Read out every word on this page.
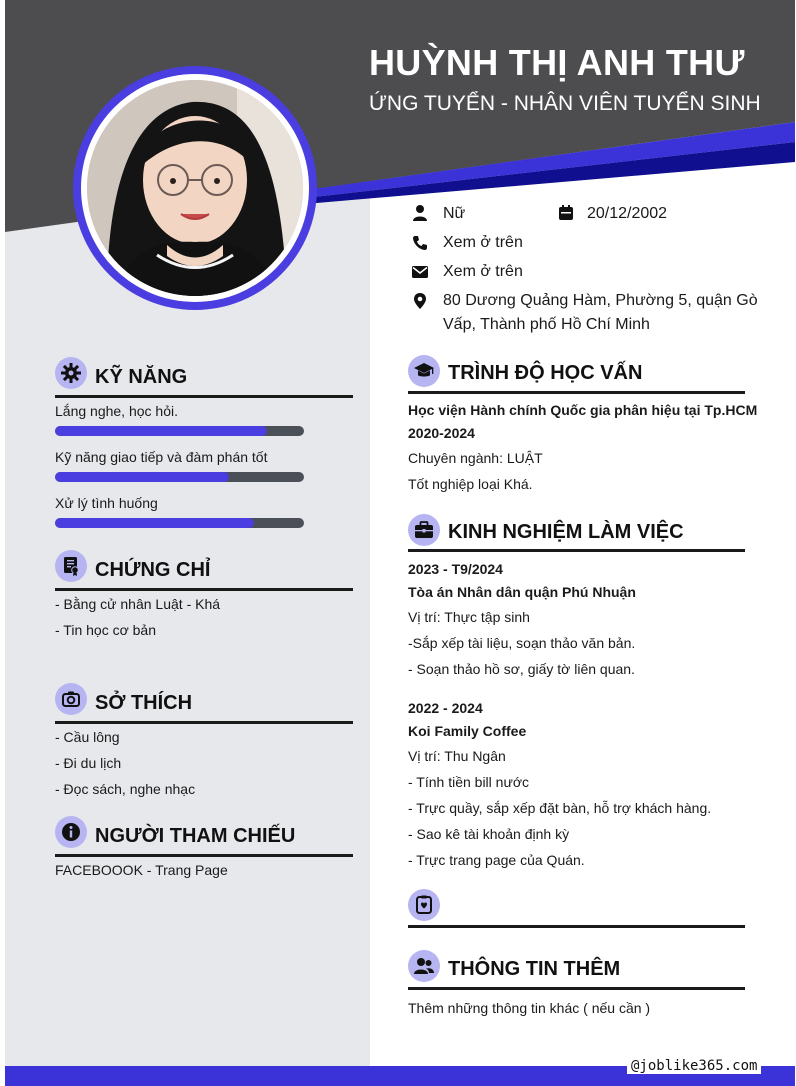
HUỲNH THỊ ANH THƯ
ỨNG TUYỂN - NHÂN VIÊN TUYỂN SINH
Nữ	20/12/2002
Xem ở trên
Xem ở trên
80 Dương Quảng Hàm, Phường 5, quận Gò
Vấp, Thành phố Hồ Chí Minh
KỸ NĂNG
Lắng nghe, học hỏi.
Kỹ năng giao tiếp và đàm phán tốt
Xử lý tình huống
CHỨNG CHỈ
- Bằng cử nhân Luật - Khá
- Tin học cơ bản
SỞ THÍCH
- Cầu lông
- Đi du lịch
- Đọc sách, nghe nhạc
NGƯỜI THAM CHIẾU
FACEBOOOK - Trang Page
TRÌNH ĐỘ HỌC VẤN
Học viện Hành chính Quốc gia phân hiệu tại Tp.HCM
2020-2024
Chuyên ngành: LUẬT
Tốt nghiệp loại Khá.
KINH NGHIỆM LÀM VIỆC
2023 - T9/2024
Tòa án Nhân dân quận Phú Nhuận
Vị trí: Thực tập sinh
-Sắp xếp tài liệu, soạn thảo văn bản.
- Soạn thảo hồ sơ, giấy tờ liên quan.
2022 - 2024
Koi Family Coffee
Vị trí: Thu Ngân
- Tính tiền bill nước
- Trực quầy, sắp xếp đặt bàn, hỗ trợ khách hàng.
- Sao kê tài khoản định kỳ
- Trực trang page của Quán.
THÔNG TIN THÊM
Thêm những thông tin khác ( nếu cần )
@joblike365.com
